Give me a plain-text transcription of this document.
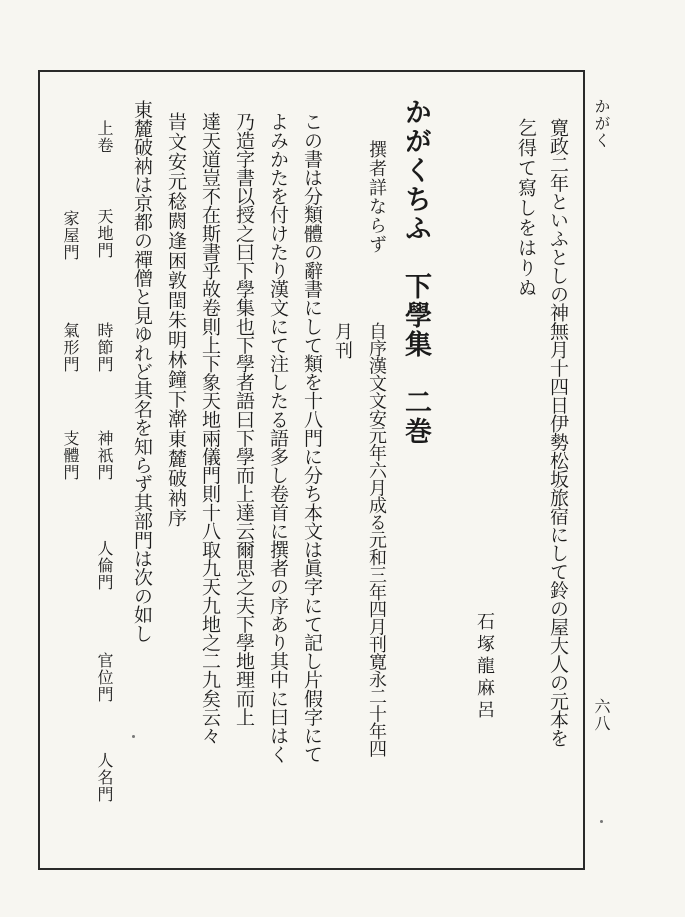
かがく
六八
寛政二年といふとしの神無月十四日伊勢松坂旅宿にして鈴の屋大人の元本を
乞得て寫しをはりぬ
石塚龍麻呂
かがくちふ　下學集　二巻
撰者詳ならず
自序漢文文安元年六月成る元和三年四月刊寛永二十年四
月刊
この書は分類體の辭書にして類を十八門に分ち本文は眞字にて記し片假字にて
よみかたを付けたり漢文にて注したる語多し卷首に撰者の序あり其中に曰はく
乃造字書以授之曰下學集也下學者語曰下學而上達云爾思之夫下學地理而上
達天道豈不在斯書乎故卷則上下象天地兩儀門則十八取九天九地之二九矣云々
旹文安元稔閼逢困敦閏朱明林鐘下澣東麓破衲序
東麓破衲は京都の禪僧と見ゆれど其名を知らず其部門は次の如し
上卷
天地門
時節門
神祇門
人倫門
官位門
人名門
家屋門
氣形門
支體門
